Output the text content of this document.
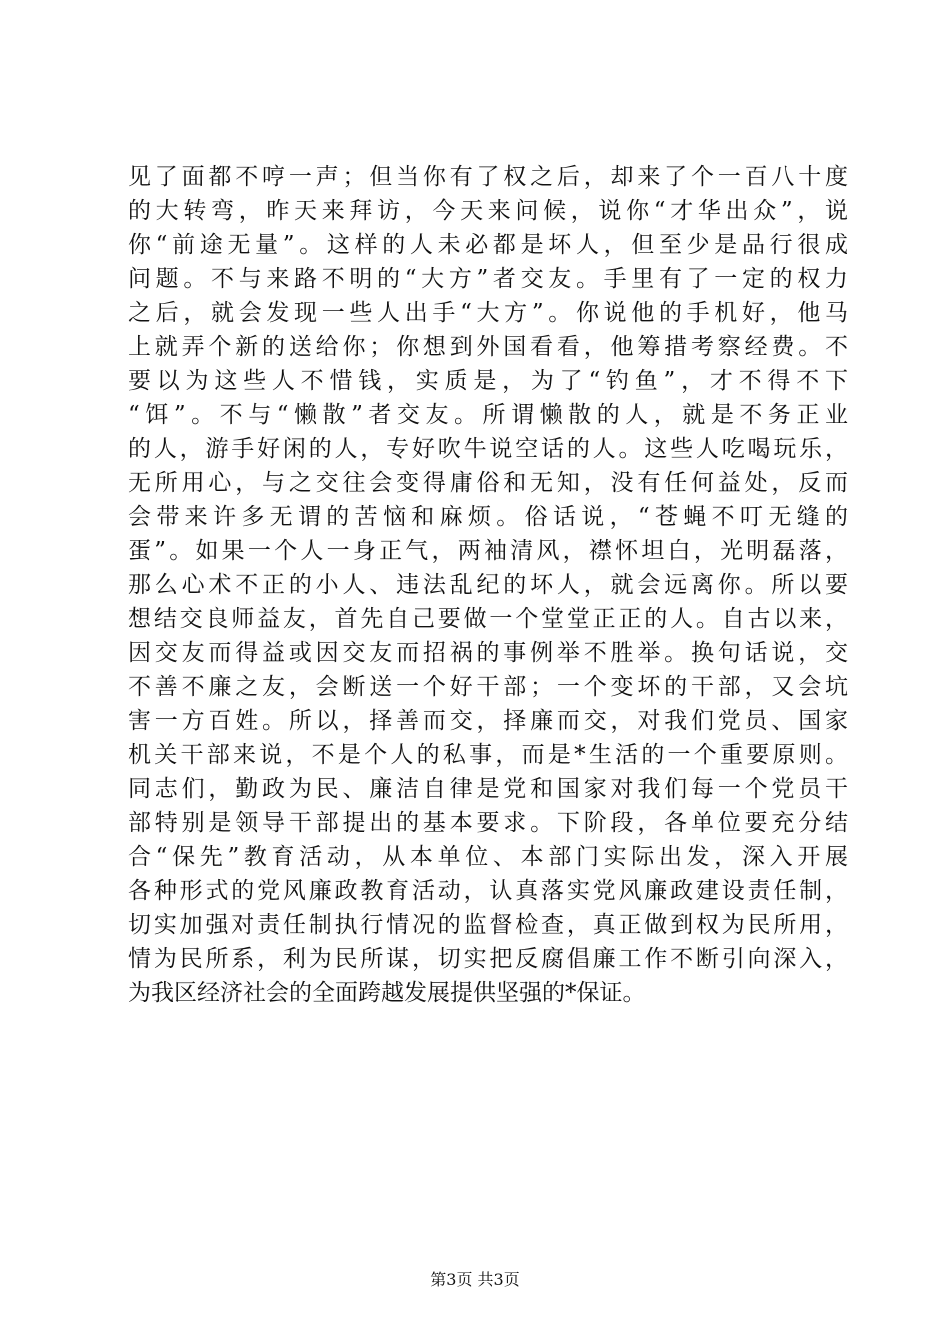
见了面都不哼一声；但当你有了权之后，却来了个一百八十度
的大转弯，昨天来拜访，今天来问候，说你“才华出众”，说
你“前途无量”。这样的人未必都是坏人，但至少是品行很成
问题。不与来路不明的“大方”者交友。手里有了一定的权力
之后，就会发现一些人出手“大方”。你说他的手机好，他马
上就弄个新的送给你；你想到外国看看，他筹措考察经费。不
要以为这些人不惜钱，实质是，为了“钓鱼”，才不得不下
“饵”。不与“懒散”者交友。所谓懒散的人，就是不务正业
的人，游手好闲的人，专好吹牛说空话的人。这些人吃喝玩乐，
无所用心，与之交往会变得庸俗和无知，没有任何益处，反而
会带来许多无谓的苦恼和麻烦。俗话说，“苍蝇不叮无缝的
蛋”。如果一个人一身正气，两袖清风，襟怀坦白，光明磊落，
那么心术不正的小人、违法乱纪的坏人，就会远离你。所以要
想结交良师益友，首先自己要做一个堂堂正正的人。自古以来，
因交友而得益或因交友而招祸的事例举不胜举。换句话说，交
不善不廉之友，会断送一个好干部；一个变坏的干部，又会坑
害一方百姓。所以，择善而交，择廉而交，对我们党员、国家
机关干部来说，不是个人的私事，而是*生活的一个重要原则。
同志们，勤政为民、廉洁自律是党和国家对我们每一个党员干
部特别是领导干部提出的基本要求。下阶段，各单位要充分结
合“保先”教育活动，从本单位、本部门实际出发，深入开展
各种形式的党风廉政教育活动，认真落实党风廉政建设责任制，
切实加强对责任制执行情况的监督检查，真正做到权为民所用，
情为民所系，利为民所谋，切实把反腐倡廉工作不断引向深入，
为我区经济社会的全面跨越发展提供坚强的*保证。
第3页 共3页
